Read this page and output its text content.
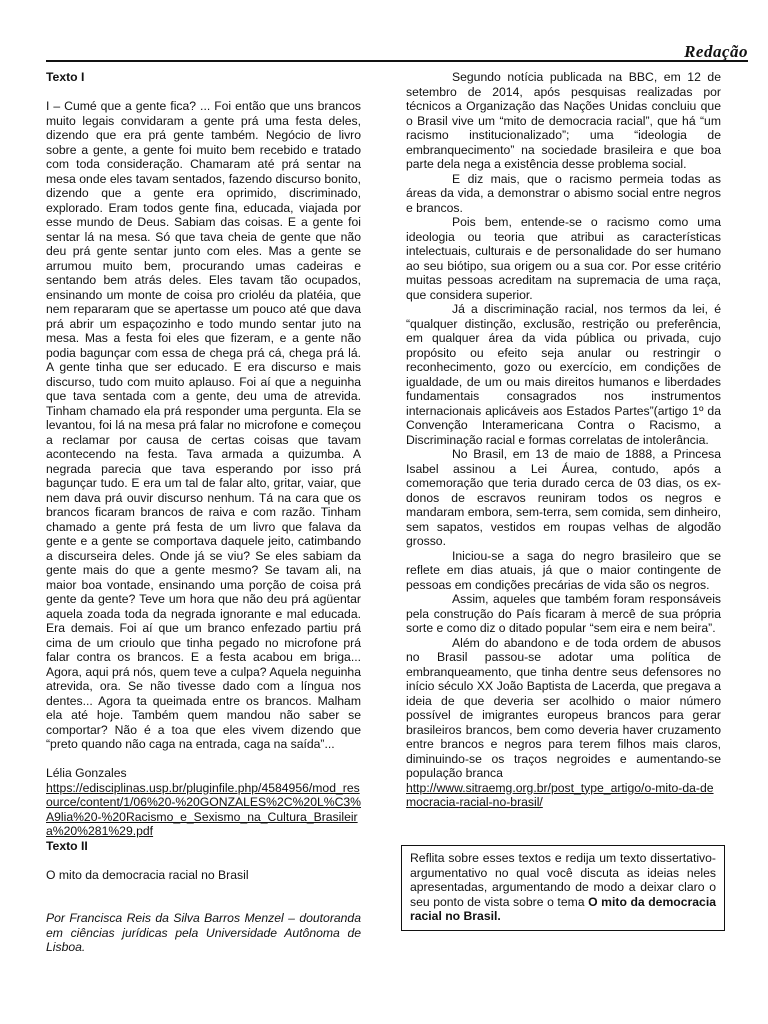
Redação

Texto I

I – Cumé que a gente fica? ... Foi então que uns brancos muito legais convidaram a gente prá uma festa deles, dizendo que era prá gente também. Negócio de livro sobre a gente, a gente foi muito bem recebido e tratado com toda consideração. Chamaram até prá sentar na mesa onde eles tavam sentados, fazendo discurso bonito, dizendo que a gente era oprimido, discriminado, explorado. Eram todos gente fina, educada, viajada por esse mundo de Deus. Sabiam das coisas. E a gente foi sentar lá na mesa. Só que tava cheia de gente que não deu prá gente sentar junto com eles. Mas a gente se arrumou muito bem, procurando umas cadeiras e sentando bem atrás deles. Eles tavam tão ocupados, ensinando um monte de coisa pro crioléu da platéia, que nem repararam que se apertasse um pouco até que dava prá abrir um espaçozinho e todo mundo sentar juto na mesa. Mas a festa foi eles que fizeram, e a gente não podia bagunçar com essa de chega prá cá, chega prá lá. A gente tinha que ser educado. E era discurso e mais discurso, tudo com muito aplauso. Foi aí que a neguinha que tava sentada com a gente, deu uma de atrevida. Tinham chamado ela prá responder uma pergunta. Ela se levantou, foi lá na mesa prá falar no microfone e começou a reclamar por causa de certas coisas que tavam acontecendo na festa. Tava armada a quizumba. A negrada parecia que tava esperando por isso prá bagunçar tudo. E era um tal de falar alto, gritar, vaiar, que nem dava prá ouvir discurso nenhum. Tá na cara que os brancos ficaram brancos de raiva e com razão. Tinham chamado a gente prá festa de um livro que falava da gente e a gente se comportava daquele jeito, catimbando a discurseira deles. Onde já se viu? Se eles sabiam da gente mais do que a gente mesmo? Se tavam ali, na maior boa vontade, ensinando uma porção de coisa prá gente da gente? Teve um hora que não deu prá agüentar aquela zoada toda da negrada ignorante e mal educada. Era demais. Foi aí que um branco enfezado partiu prá cima de um crioulo que tinha pegado no microfone prá falar contra os brancos. E a festa acabou em briga... Agora, aqui prá nós, quem teve a culpa? Aquela neguinha atrevida, ora. Se não tivesse dado com a língua nos dentes... Agora ta queimada entre os brancos. Malham ela até hoje. Também quem mandou não saber se comportar? Não é a toa que eles vivem dizendo que “preto quando não caga na entrada, caga na saída”...

Lélia Gonzales

https://edisciplinas.usp.br/pluginfile.php/4584956/mod_resource/content/1/06%20-%20GONZALES%2C%20L%C3%A9lia%20-%20Racismo_e_Sexismo_na_Cultura_Brasileira%20%281%29.pdf

Texto II

O mito da democracia racial no Brasil

Por Francisca Reis da Silva Barros Menzel – doutoranda em ciências jurídicas pela Universidade Autônoma de Lisboa.

Segundo notícia publicada na BBC, em 12 de setembro de 2014, após pesquisas realizadas por técnicos a Organização das Nações Unidas concluiu que o Brasil vive um “mito de democracia racial”, que há “um racismo institucionalizado”; uma “ideologia de embranquecimento” na sociedade brasileira e que boa parte dela nega a existência desse problema social.

E diz mais, que o racismo permeia todas as áreas da vida, a demonstrar o abismo social entre negros e brancos.

Pois bem, entende-se o racismo como uma ideologia ou teoria que atribui as características intelectuais, culturais e de personalidade do ser humano ao seu biótipo, sua origem ou a sua cor. Por esse critério muitas pessoas acreditam na supremacia de uma raça, que considera superior.

Já a discriminação racial, nos termos da lei, é “qualquer distinção, exclusão, restrição ou preferência, em qualquer área da vida pública ou privada, cujo propósito ou efeito seja anular ou restringir o reconhecimento, gozo ou exercício, em condições de igualdade, de um ou mais direitos humanos e liberdades fundamentais consagrados nos instrumentos internacionais aplicáveis aos Estados Partes”(artigo 1º da Convenção Interamericana Contra o Racismo, a Discriminação racial e formas correlatas de intolerância.

No Brasil, em 13 de maio de 1888, a Princesa Isabel assinou a Lei Áurea, contudo, após a comemoração que teria durado cerca de 03 dias, os ex-donos de escravos reuniram todos os negros e mandaram embora, sem-terra, sem comida, sem dinheiro, sem sapatos, vestidos em roupas velhas de algodão grosso.

Iniciou-se a saga do negro brasileiro que se reflete em dias atuais, já que o maior contingente de pessoas em condições precárias de vida são os negros.

Assim, aqueles que também foram responsáveis pela construção do País ficaram à mercê de sua própria sorte e como diz o ditado popular “sem eira e nem beira”.

Além do abandono e de toda ordem de abusos no Brasil passou-se adotar uma política de embranqueamento, que tinha dentre seus defensores no início século XX João Baptista de Lacerda, que pregava a ideia de que deveria ser acolhido o maior número possível de imigrantes europeus brancos para gerar brasileiros brancos, bem como deveria haver cruzamento entre brancos e negros para terem filhos mais claros, diminuindo-se os traços negroides e aumentando-se população branca

http://www.sitraemg.org.br/post_type_artigo/o-mito-da-democracia-racial-no-brasil/

Reflita sobre esses textos e redija um texto dissertativo-argumentativo no qual você discuta as ideias neles apresentadas, argumentando de modo a deixar claro o seu ponto de vista sobre o tema O mito da democracia racial no Brasil.
